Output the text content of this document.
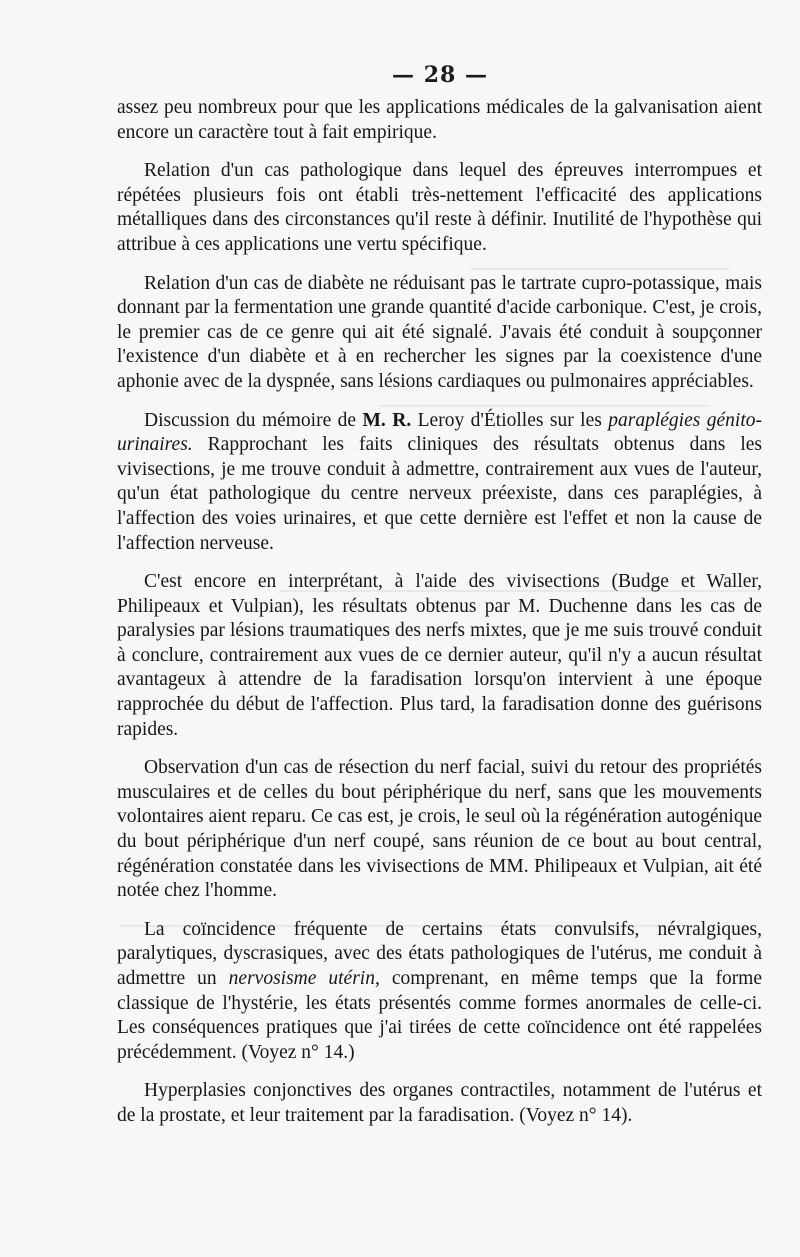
— 28 —

assez peu nombreux pour que les applications médicales de la galvanisation aient encore un caractère tout à fait empirique.

Relation d'un cas pathologique dans lequel des épreuves interrompues et répétées plusieurs fois ont établi très-nettement l'efficacité des applications métalliques dans des circonstances qu'il reste à définir. Inutilité de l'hypothèse qui attribue à ces applications une vertu spécifique.

Relation d'un cas de diabète ne réduisant pas le tartrate cupro-potassique, mais donnant par la fermentation une grande quantité d'acide carbonique. C'est, je crois, le premier cas de ce genre qui ait été signalé. J'avais été conduit à soupçonner l'existence d'un diabète et à en rechercher les signes par la coexistence d'une aphonie avec de la dyspnée, sans lésions cardiaques ou pulmonaires appréciables.

Discussion du mémoire de M. R. Leroy d'Étiolles sur les paraplégies génito-urinaires. Rapprochant les faits cliniques des résultats obtenus dans les vivisections, je me trouve conduit à admettre, contrairement aux vues de l'auteur, qu'un état pathologique du centre nerveux préexiste, dans ces paraplégies, à l'affection des voies urinaires, et que cette dernière est l'effet et non la cause de l'affection nerveuse.

C'est encore en interprétant, à l'aide des vivisections (Budge et Waller, Philipeaux et Vulpian), les résultats obtenus par M. Duchenne dans les cas de paralysies par lésions traumatiques des nerfs mixtes, que je me suis trouvé conduit à conclure, contrairement aux vues de ce dernier auteur, qu'il n'y a aucun résultat avantageux à attendre de la faradisation lorsqu'on intervient à une époque rapprochée du début de l'affection. Plus tard, la faradisation donne des guérisons rapides.

Observation d'un cas de résection du nerf facial, suivi du retour des propriétés musculaires et de celles du bout périphérique du nerf, sans que les mouvements volontaires aient reparu. Ce cas est, je crois, le seul où la régénération autogénique du bout périphérique d'un nerf coupé, sans réunion de ce bout au bout central, régénération constatée dans les vivisections de MM. Philipeaux et Vulpian, ait été notée chez l'homme.

La coïncidence fréquente de certains états convulsifs, névralgiques, paralytiques, dyscrasiques, avec des états pathologiques de l'utérus, me conduit à admettre un nervosisme utérin, comprenant, en même temps que la forme classique de l'hystérie, les états présentés comme formes anormales de celle-ci. Les conséquences pratiques que j'ai tirées de cette coïncidence ont été rappelées précédemment. (Voyez n° 14.)

Hyperplasies conjonctives des organes contractiles, notamment de l'utérus et de la prostate, et leur traitement par la faradisation. (Voyez n° 14).
